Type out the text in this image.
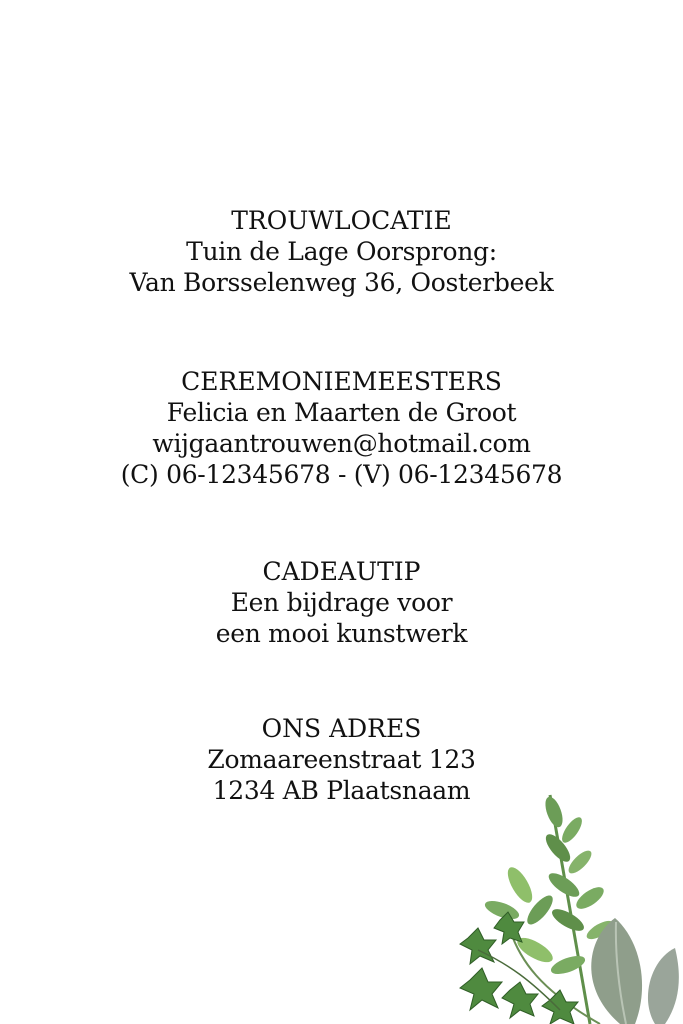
TROUWLOCATIE
Tuin de Lage Oorsprong:
Van Borsselenweg 36, Oosterbeek
CEREMONIEMEESTERS
Felicia en Maarten de Groot
wijgaantrouwen@hotmail.com
(C) 06-12345678 - (V) 06-12345678
CADEAUTIP
Een bijdrage voor
een mooi kunstwerk
ONS ADRES
Zomaareenstraat 123
1234 AB Plaatsnaam
